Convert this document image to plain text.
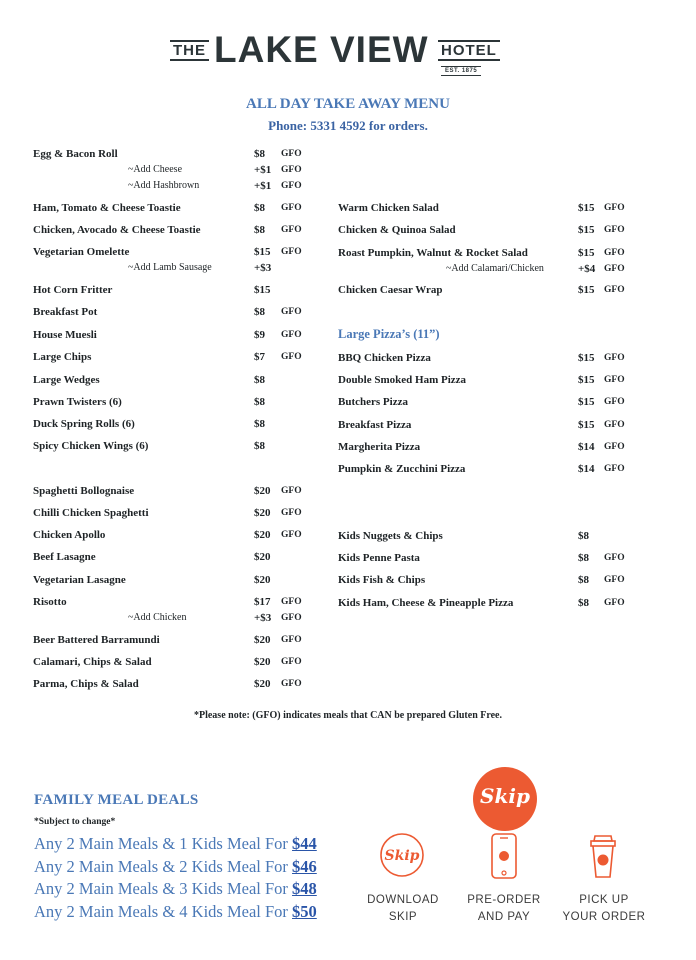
THE LAKE VIEW HOTEL
EST. 1875
ALL DAY TAKE AWAY MENU
Phone: 5331 4592 for orders.
Egg & Bacon Roll	$8 GFO
~Add Cheese	+$1 GFO
~Add Hashbrown	+$1 GFO
Ham, Tomato & Cheese Toastie	$8 GFO
Chicken, Avocado & Cheese Toastie	$8 GFO
Vegetarian Omelette	$15 GFO
~Add Lamb Sausage	+$3
Hot Corn Fritter	$15
Breakfast Pot	$8 GFO
House Muesli	$9 GFO
Large Chips	$7 GFO
Large Wedges	$8
Prawn Twisters (6)	$8
Duck Spring Rolls (6)	$8
Spicy Chicken Wings (6)	$8
Spaghetti Bollognaise	$20 GFO
Chilli Chicken Spaghetti	$20 GFO
Chicken Apollo	$20 GFO
Beef Lasagne	$20
Vegetarian Lasagne	$20
Risotto	$17 GFO
~Add Chicken	+$3 GFO
Beer Battered Barramundi	$20 GFO
Calamari, Chips & Salad	$20 GFO
Parma, Chips & Salad	$20 GFO
Warm Chicken Salad	$15 GFO
Chicken & Quinoa Salad	$15 GFO
Roast Pumpkin, Walnut & Rocket Salad	$15 GFO
~Add Calamari/Chicken	+$4 GFO
Chicken Caesar Wrap	$15 GFO
BBQ Chicken Pizza	$15 GFO
Double Smoked Ham Pizza	$15 GFO
Butchers Pizza	$15 GFO
Breakfast Pizza	$15 GFO
Margherita Pizza	$14 GFO
Pumpkin & Zucchini Pizza	$14 GFO
Kids Nuggets & Chips	$8
Kids Penne Pasta	$8 GFO
Kids Fish & Chips	$8 GFO
Kids Ham, Cheese & Pineapple Pizza	$8 GFO
Large Pizza’s (11”)
*Please note: (GFO) indicates meals that CAN be prepared Gluten Free.
FAMILY MEAL DEALS
*Subject to change*
Any 2 Main Meals & 1 Kids Meal For $44
Any 2 Main Meals & 2 Kids Meal For $46
Any 2 Main Meals & 3 Kids Meal For $48
Any 2 Main Meals & 4 Kids Meal For $50
Skip
Skip
DOWNLOAD
SKIP
PRE-ORDER
AND PAY
PICK UP
YOUR ORDER
